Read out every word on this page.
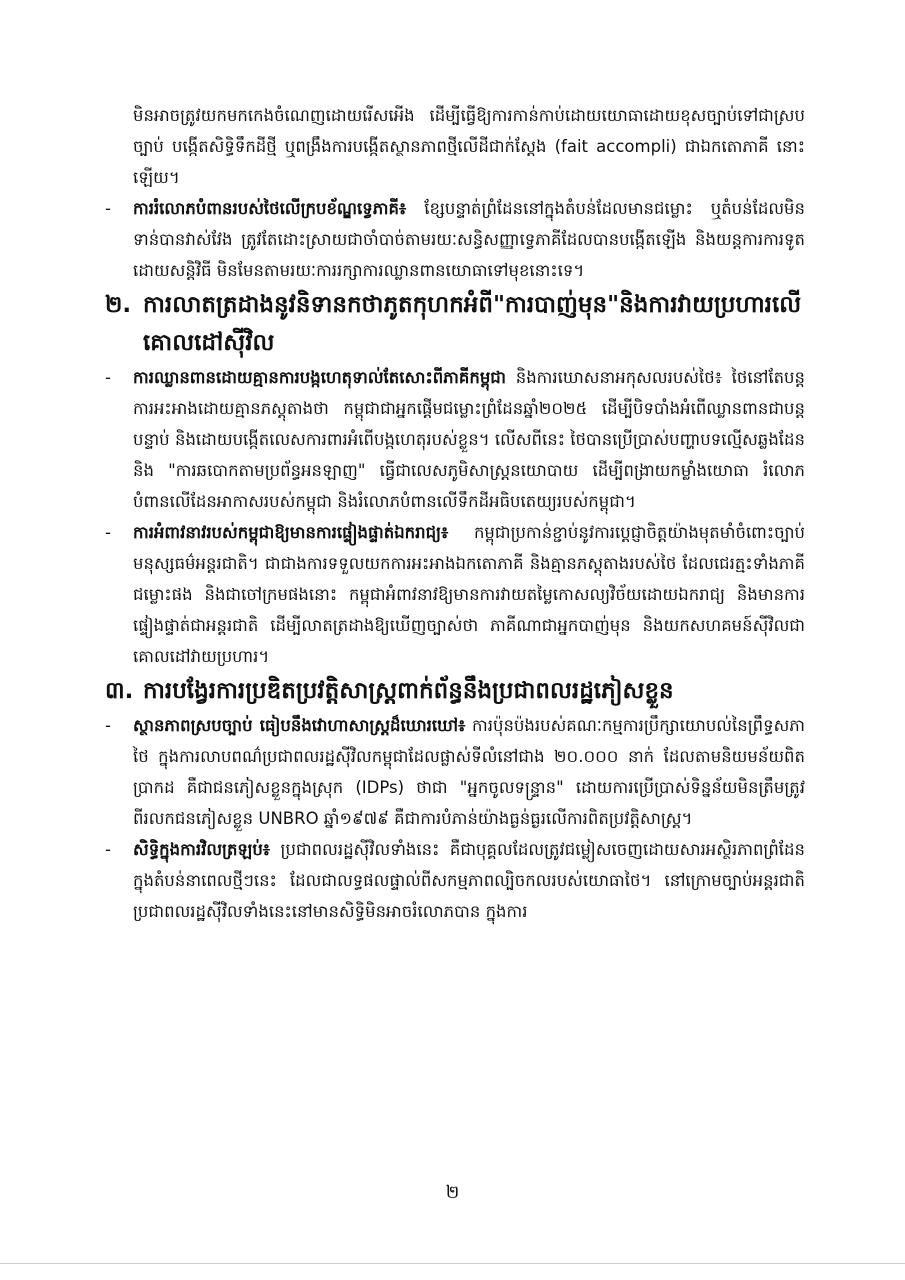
មិនអាចត្រូវយកមកកេងចំណេញដោយរើសអើង ដើម្បីធ្វើឱ្យការកាន់កាប់ដោយយោធាដោយខុសច្បាប់ទៅជាស្របច្បាប់ បង្កើតសិទ្ធិទឹកដីថ្មី ឬពង្រឹងការបង្កើតស្ថានភាពថ្មីលើដីជាក់ស្តែង (fait accompli) ជាឯកតោភាគី នោះឡើយ។

-	ការរំលោភបំពានរបស់ថៃលើក្របខ័ណ្ឌទ្វេភាគី៖ ខ្សែបន្ទាត់ព្រំដែននៅក្នុងតំបន់ដែលមានជម្លោះ ឬតំបន់ដែលមិនទាន់បានវាស់វែង ត្រូវតែដោះស្រាយជាចាំបាច់តាមរយៈសន្ធិសញ្ញាទ្វេភាគីដែលបានបង្កើតឡើង និងយន្តការការទូតដោយសន្តិវិធី មិនមែនតាមរយៈការរក្សាការឈ្លានពានយោធាទៅមុខនោះទេ។
២. ការលាតត្រដាងនូវនិទានកថាភូតកុហកអំពី"ការបាញ់មុន"និងការវាយប្រហារលើគោលដៅស៊ីវិល
-	ការឈ្លានពានដោយគ្មានការបង្កហេតុទាល់តែសោះពីភាគីកម្ពុជា និងការឃោសនាអកុសលរបស់ថៃ៖ ថៃនៅតែបន្តការអះអាងដោយគ្មានភស្តុតាងថា កម្ពុជាជាអ្នកផ្តើមជម្លោះព្រំដែនឆ្នាំ២០២៥ ដើម្បីបិទបាំងអំពើឈ្លានពានជាបន្តបន្ទាប់ និងដោយបង្កើតលេសការពារអំពើបង្កហេតុរបស់ខ្លួន។ លើសពីនេះ ថៃបានប្រើប្រាស់បញ្ហាបទល្មើសឆ្លងដែន និង "ការឆបោកតាមប្រព័ន្ធអនឡាញ" ធ្វើជាលេសភូមិសាស្ត្រនយោបាយ ដើម្បីពង្រាយកម្លាំងយោធា រំលោភបំពានលើដែនអាកាសរបស់កម្ពុជា និងរំលោភបំពានលើទឹកដីអធិបតេយ្យរបស់កម្ពុជា។
-	ការអំពាវនាវរបស់កម្ពុជាឱ្យមានការផ្ទៀងផ្ទាត់ឯករាជ្យ៖ កម្ពុជាប្រកាន់ខ្ជាប់នូវការប្តេជ្ញាចិត្តយ៉ាងមុតមាំចំពោះច្បាប់មនុស្សធម៌អន្តរជាតិ។ ជាជាងការទទួលយកការអះអាងឯកតោភាគី និងគ្មានភស្តុតាងរបស់ថៃ ដែលជេរត្មះទាំងភាគីជម្លោះផង និងជាចៅក្រមផងនោះ កម្ពុជាអំពាវនាវឱ្យមានការវាយតម្លៃកោសល្យវិច័យដោយឯករាជ្យ និងមានការផ្ទៀងផ្ទាត់ជាអន្តរជាតិ ដើម្បីលាតត្រដាងឱ្យឃើញច្បាស់ថា ភាគីណាជាអ្នកបាញ់មុន និងយកសហគមន៍ស៊ីវិលជាគោលដៅវាយប្រហារ។
៣. ការបង្វែរការប្រឌិតប្រវត្តិសាស្ត្រពាក់ព័ន្ធនឹងប្រជាពលរដ្ឋភៀសខ្លួន
-	ស្ថានភាពស្របច្បាប់ ធៀបនឹងវោហាសាស្ត្រដ៏ឃោរឃៅ៖ ការប៉ុនប៉ងរបស់គណៈកម្មការប្រឹក្សាយោបល់នៃព្រឹទ្ធសភាថៃ ក្នុងការលាបពណ៌ប្រជាពលរដ្ឋស៊ីវិលកម្ពុជាដែលផ្លាស់ទីលំនៅជាង ២០.០០០ នាក់ ដែលតាមនិយមន័យពិតប្រាកដ គឺជាជនភៀសខ្លួនក្នុងស្រុក (IDPs) ថាជា "អ្នកចូលទន្ទ្រាន" ដោយការប្រើប្រាស់ទិន្នន័យមិនត្រឹមត្រូវពីរលកជនភៀសខ្លួន UNBRO ឆ្នាំ១៩៧៩ គឺជាការបំភាន់យ៉ាងធ្ងន់ធ្ងរលើការពិតប្រវត្តិសាស្ត្រ។
-	សិទ្ធិក្នុងការវិលត្រឡប់៖ ប្រជាពលរដ្ឋស៊ីវិលទាំងនេះ គឺជាបុគ្គលដែលត្រូវជម្លៀសចេញដោយសារអស្ថិរភាពព្រំដែនក្នុងតំបន់នាពេលថ្មីៗនេះ ដែលជាលទ្ធផលផ្ទាល់ពីសកម្មភាពល្បិចកលរបស់យោធាថៃ។ នៅក្រោមច្បាប់អន្តរជាតិ ប្រជាពលរដ្ឋស៊ីវិលទាំងនេះនៅមានសិទ្ធិមិនអាចរំលោភបាន ក្នុងការ
២
